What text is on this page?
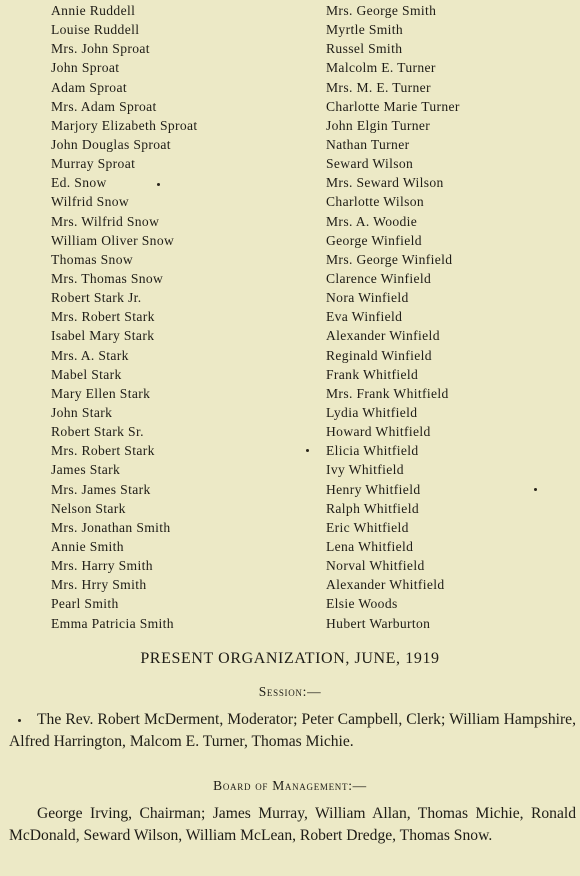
Annie Ruddell
Louise Ruddell
Mrs. John Sproat
John Sproat
Adam Sproat
Mrs. Adam Sproat
Marjory Elizabeth Sproat
John Douglas Sproat
Murray Sproat
Ed. Snow
Wilfrid Snow
Mrs. Wilfrid Snow
William Oliver Snow
Thomas Snow
Mrs. Thomas Snow
Robert Stark Jr.
Mrs. Robert Stark
Isabel Mary Stark
Mrs. A. Stark
Mabel Stark
Mary Ellen Stark
John Stark
Robert Stark Sr.
Mrs. Robert Stark
James Stark
Mrs. James Stark
Nelson Stark
Mrs. Jonathan Smith
Annie Smith
Mrs. Harry Smith
Mrs. Hrry Smith
Pearl Smith
Emma Patricia Smith
Mrs. George Smith
Myrtle Smith
Russel Smith
Malcolm E. Turner
Mrs. M. E. Turner
Charlotte Marie Turner
John Elgin Turner
Nathan Turner
Seward Wilson
Mrs. Seward Wilson
Charlotte Wilson
Mrs. A. Woodie
George Winfield
Mrs. George Winfield
Clarence Winfield
Nora Winfield
Eva Winfield
Alexander Winfield
Reginald Winfield
Frank Whitfield
Mrs. Frank Whitfield
Lydia Whitfield
Howard Whitfield
Elicia Whitfield
Ivy Whitfield
Henry Whitfield
Ralph Whitfield
Eric Whitfield
Lena Whitfield
Norval Whitfield
Alexander Whitfield
Elsie Woods
Hubert Warburton
PRESENT ORGANIZATION, JUNE, 1919
Session:—

The Rev. Robert McDerment, Moderator; Peter Campbell, Clerk; William Hampshire, Alfred Harrington, Malcom E. Turner, Thomas Michie.

Board of Management:—

George Irving, Chairman; James Murray, William Allan, Thomas Michie, Ronald McDonald, Seward Wilson, William McLean, Robert Dredge, Thomas Snow.
